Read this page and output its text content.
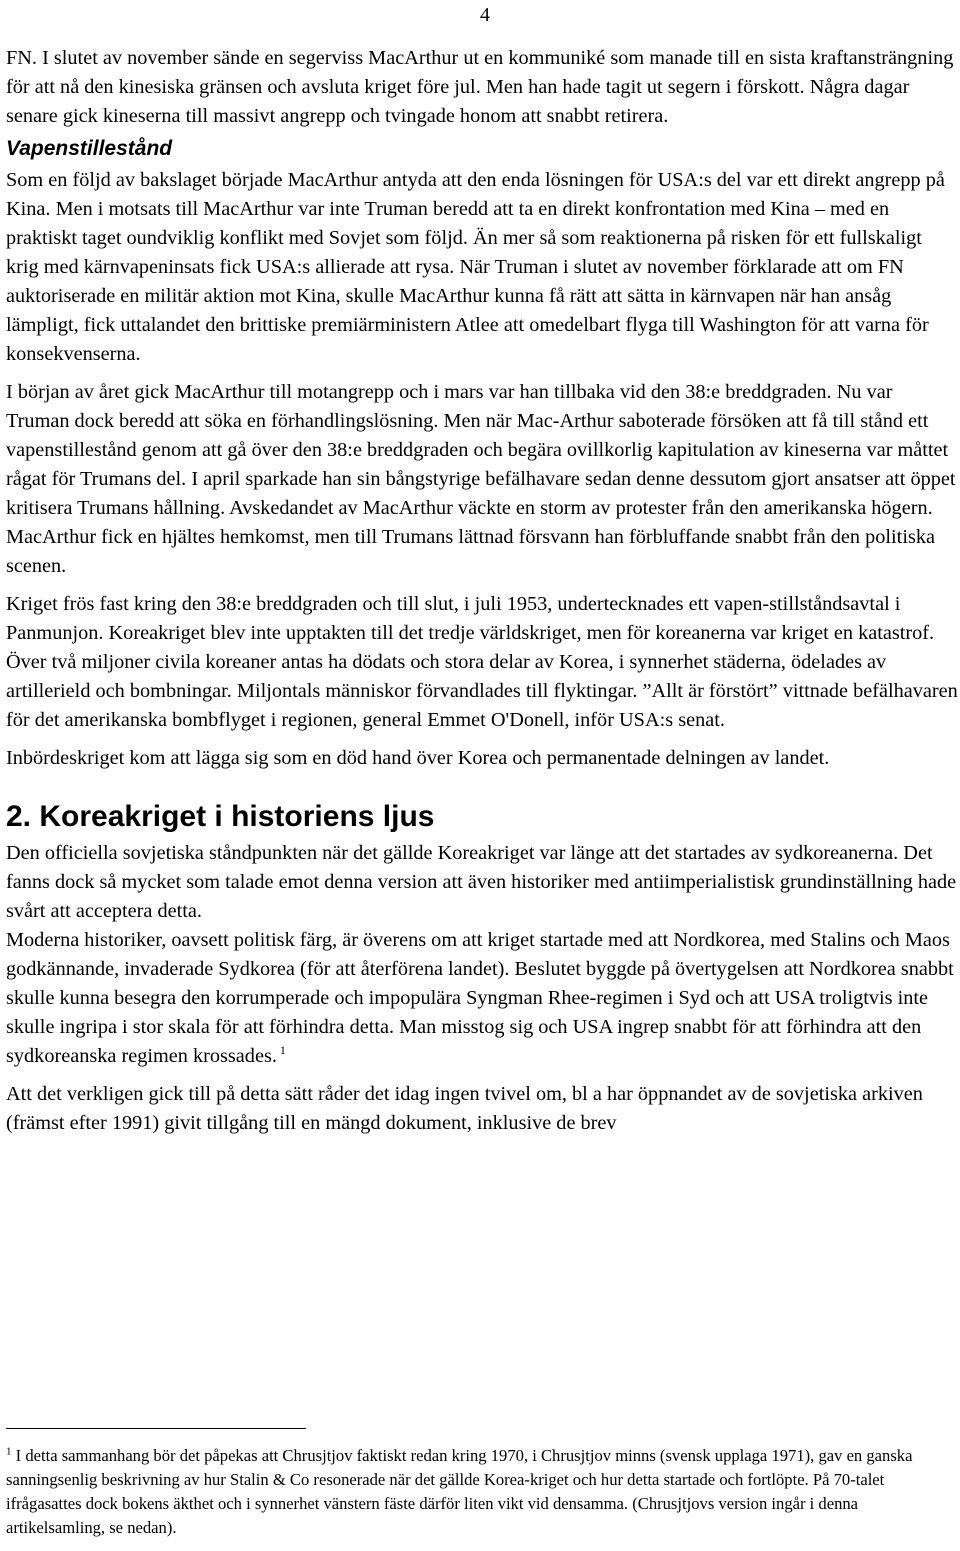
4

FN. I slutet av november sände en segerviss MacArthur ut en kommuniké som manade till en sista kraftansträngning för att nå den kinesiska gränsen och avsluta kriget före jul. Men han hade tagit ut segern i förskott. Några dagar senare gick kineserna till massivt angrepp och tvingade honom att snabbt retirera.

Vapenstillestånd

Som en följd av bakslaget började MacArthur antyda att den enda lösningen för USA:s del var ett direkt angrepp på Kina. Men i motsats till MacArthur var inte Truman beredd att ta en direkt konfrontation med Kina – med en praktiskt taget oundviklig konflikt med Sovjet som följd. Än mer så som reaktionerna på risken för ett fullskaligt krig med kärnvapeninsats fick USA:s allierade att rysa. När Truman i slutet av november förklarade att om FN auktoriserade en militär aktion mot Kina, skulle MacArthur kunna få rätt att sätta in kärnvapen när han ansåg lämpligt, fick uttalandet den brittiske premiärministern Atlee att omedelbart flyga till Washington för att varna för konsekvenserna.

I början av året gick MacArthur till motangrepp och i mars var han tillbaka vid den 38:e breddgraden. Nu var Truman dock beredd att söka en förhandlingslösning. Men när Mac-Arthur saboterade försöken att få till stånd ett vapenstillestånd genom att gå över den 38:e breddgraden och begära ovillkorlig kapitulation av kineserna var måttet rågat för Trumans del. I april sparkade han sin bångstyrige befälhavare sedan denne dessutom gjort ansatser att öppet kritisera Trumans hållning. Avskedandet av MacArthur väckte en storm av protester från den amerikanska högern. MacArthur fick en hjältes hemkomst, men till Trumans lättnad försvann han förbluffande snabbt från den politiska scenen.

Kriget frös fast kring den 38:e breddgraden och till slut, i juli 1953, undertecknades ett vapen-stillståndsavtal i Panmunjon. Koreakriget blev inte upptakten till det tredje världskriget, men för koreanerna var kriget en katastrof. Över två miljoner civila koreaner antas ha dödats och stora delar av Korea, i synnerhet städerna, ödelades av artillerield och bombningar. Miljontals människor förvandlades till flyktingar. ”Allt är förstört” vittnade befälhavaren för det amerikanska bombflyget i regionen, general Emmet O'Donell, inför USA:s senat.

Inbördeskriget kom att lägga sig som en död hand över Korea och permanentade delningen av landet.

2. Koreakriget i historiens ljus

Den officiella sovjetiska ståndpunkten när det gällde Koreakriget var länge att det startades av sydkoreanerna. Det fanns dock så mycket som talade emot denna version att även historiker med antiimperialistisk grundinställning hade svårt att acceptera detta.

Moderna historiker, oavsett politisk färg, är överens om att kriget startade med att Nordkorea, med Stalins och Maos godkännande, invaderade Sydkorea (för att återförena landet). Beslutet byggde på övertygelsen att Nordkorea snabbt skulle kunna besegra den korrumperade och impopulära Syngman Rhee-regimen i Syd och att USA troligtvis inte skulle ingripa i stor skala för att förhindra detta. Man misstog sig och USA ingrep snabbt för att förhindra att den sydkoreanska regimen krossades. $^1$

Att det verkligen gick till på detta sätt råder det idag ingen tvivel om, bl a har öppnandet av de sovjetiska arkiven (främst efter 1991) givit tillgång till en mängd dokument, inklusive de brev

$^1$ I detta sammanhang bör det påpekas att Chrusjtjov faktiskt redan kring 1970, i Chrusjtjov minns (svensk upplaga 1971), gav en ganska sanningsenlig beskrivning av hur Stalin & Co resonerade när det gällde Korea-kriget och hur detta startade och fortlöpte. På 70-talet ifrågasattes dock bokens äkthet och i synnerhet vänstern fäste därför liten vikt vid densamma. (Chrusjtjovs version ingår i denna artikelsamling, se nedan).
